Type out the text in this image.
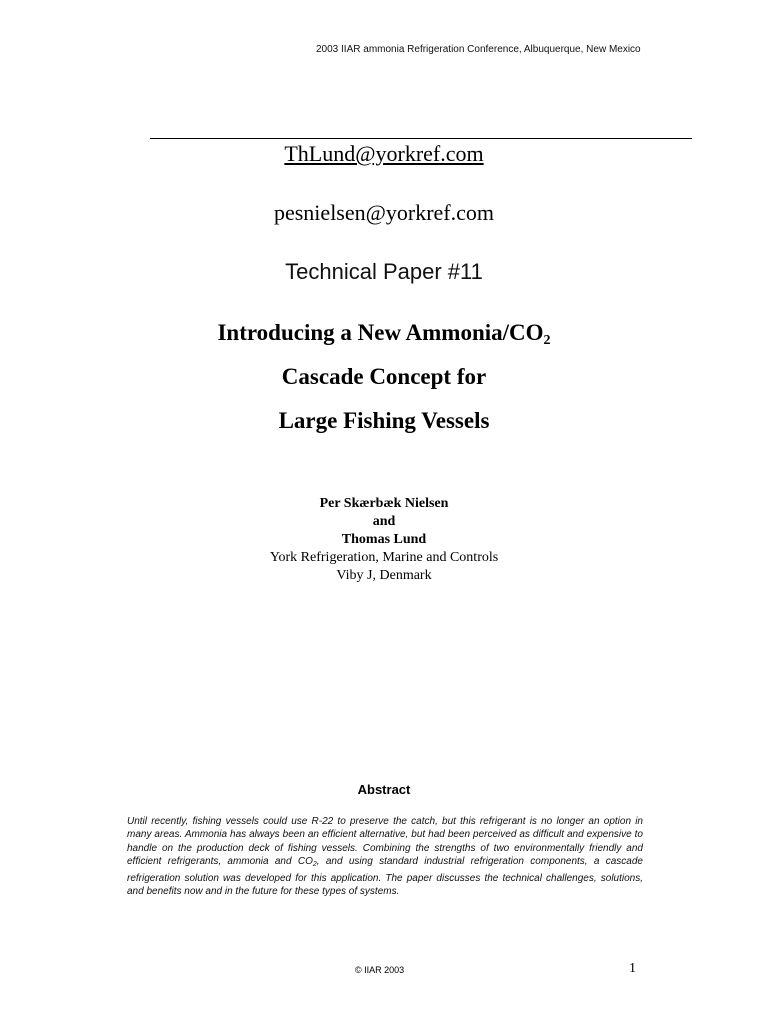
2003 IIAR ammonia Refrigeration Conference, Albuquerque, New Mexico
ThLund@yorkref.com
pesnielsen@yorkref.com
Technical Paper #11
Introducing a New Ammonia/$CO_2$
Cascade Concept for
Large Fishing Vessels
Per Skærbæk Nielsen
and
Thomas Lund
York Refrigeration, Marine and Controls
Viby J, Denmark
Abstract
Until recently, fishing vessels could use R-22 to preserve the catch, but this refrigerant is no longer an option in many areas. Ammonia has always been an efficient alternative, but had been perceived as difficult and expensive to handle on the production deck of fishing vessels. Combining the strengths of two environmentally friendly and efficient refrigerants, ammonia and $CO_2$, and using standard industrial refrigeration components, a cascade refrigeration solution was developed for this application. The paper discusses the technical challenges, solutions, and benefits now and in the future for these types of systems.
© IIAR 2003	1
